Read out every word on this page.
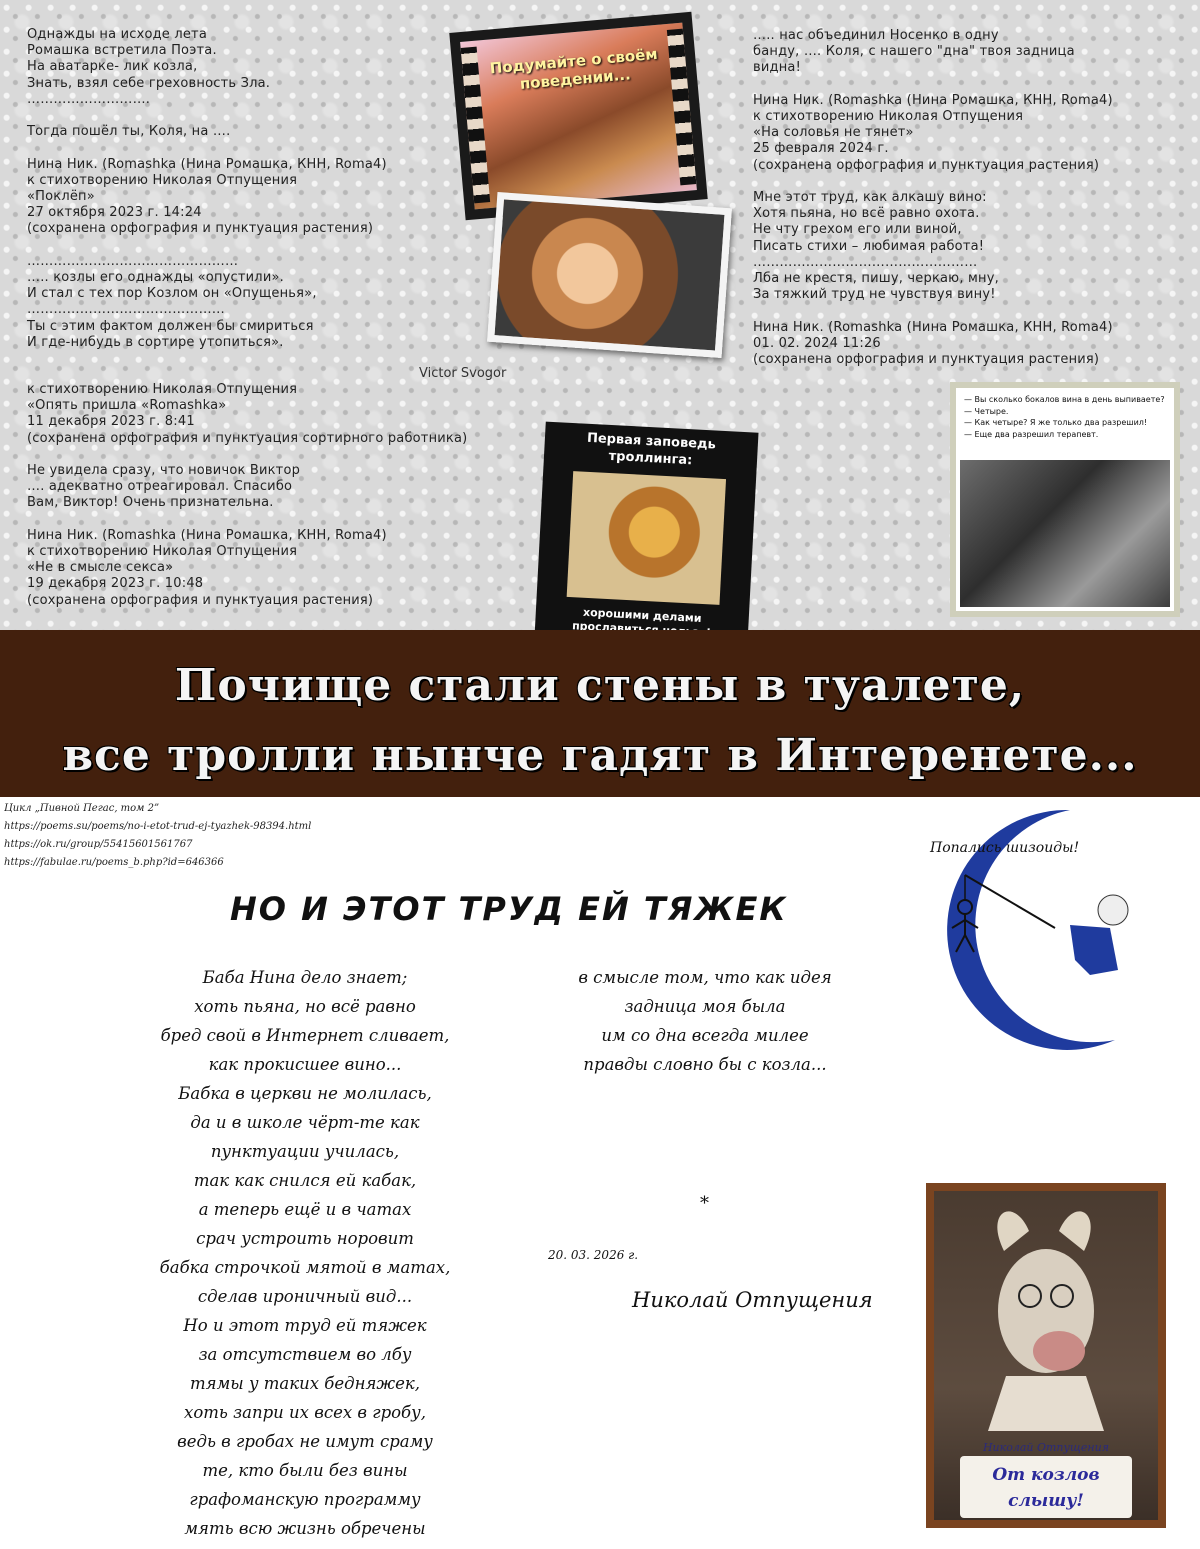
Однажды на исходе лета
Ромашка встретила Поэта.
На аватарке- лик козла,
Знать, взял себе греховность Зла.
……………………….

Тогда пошёл ты, Коля, на ….

Нина Ник. (Romashka (Нина Ромашка, КНН, Roma4)
к стихотворению Николая Отпущения
«Поклёп»
27 октября 2023 г. 14:24
(сохранена орфография и пунктуация растения)

…………………………………………
….. козлы его однажды «опустили».
И стал с тех пор Козлом он «Опущенья»,
………………………………………
Ты с этим фактом должен бы смириться
И где-нибудь в сортире утопиться».
Victor Svogor
к стихотворению Николая Отпущения
«Опять пришла «Romashka»
11 декабря 2023 г. 8:41
(сохранена орфография и пунктуация сортирного работника)

Не увидела сразу, что новичок Виктор
…. адекватно отреагировал. Спасибо
Вам, Виктор! Очень признательна.

Нина Ник. (Romashka (Нина Ромашка, КНН, Roma4)
к стихотворению Николая Отпущения
«Не в смысле секса»
19 декабря 2023 г. 10:48
(сохранена орфография и пунктуация растения)
….. нас объединил Носенко в одну
банду, …. Коля, с нашего "дна" твоя задница
видна!

Нина Ник. (Romashka (Нина Ромашка, КНН, Roma4)
к стихотворению Николая Отпущения
«На соловья не тянет»
25 февраля 2024 г.
(сохранена орфография и пунктуация растения)

Мне этот труд, как алкашу вино:
Хотя пьяна, но всё равно охота.
Не чту грехом его или виной,
Писать стихи – любимая работа!
……………………………………………
Лба не крестя, пишу, черкаю, мну,
За тяжкий труд не чувствуя вину!

Нина Ник. (Romashka (Нина Ромашка, КНН, Roma4)
01. 02. 2024 11:26
(сохранена орфография и пунктуация растения)
Подумайте о своём поведении...
Первая заповедь троллинга:
хорошими делами прославиться
— Вы сколько бокалов вина в день выпиваете?
— Четыре.
— Как четыре? Я же только два разрешил!
— Еще два разрешил терапевт.
Почище стали стены в туалете,
все тролли нынче гадят в Интеренете...
Цикл „Пивной Пегас, том 2”
https://poems.su/poems/no-i-etot-trud-ej-tyazhek-98394.html
https://ok.ru/group/55415601561767
https://fabulae.ru/poems_b.php?id=646366
Попались шизоиды!
НО И ЭТОТ ТРУД ЕЙ ТЯЖЕК
Баба Нина дело знает;
хоть пьяна, но всё равно
бред свой в Интернет сливает,
как прокисшее вино...
Бабка в церкви не молилась,
да и в школе чёрт-те как
пунктуации училась,
так как снился ей кабак,
а теперь ещё и в чатах
срач устроить норовит
бабка строчкой мятой в матах,
сделав ироничный вид...
Но и этот труд ей тяжек
за отсутствием во лбу
тямы у таких бедняжек,
хоть запри их всех в гробу,
ведь в гробах не имут сраму
те, кто были без вины
графоманскую программу
мять всю жизнь обречены
в смысле том, что как идея
задница моя была
им со дна всегда милее
правды словно бы с козла...
*
20. 03. 2026 г.
Николай Отпущения
Николай Отпущения
От козлов
слышу!
